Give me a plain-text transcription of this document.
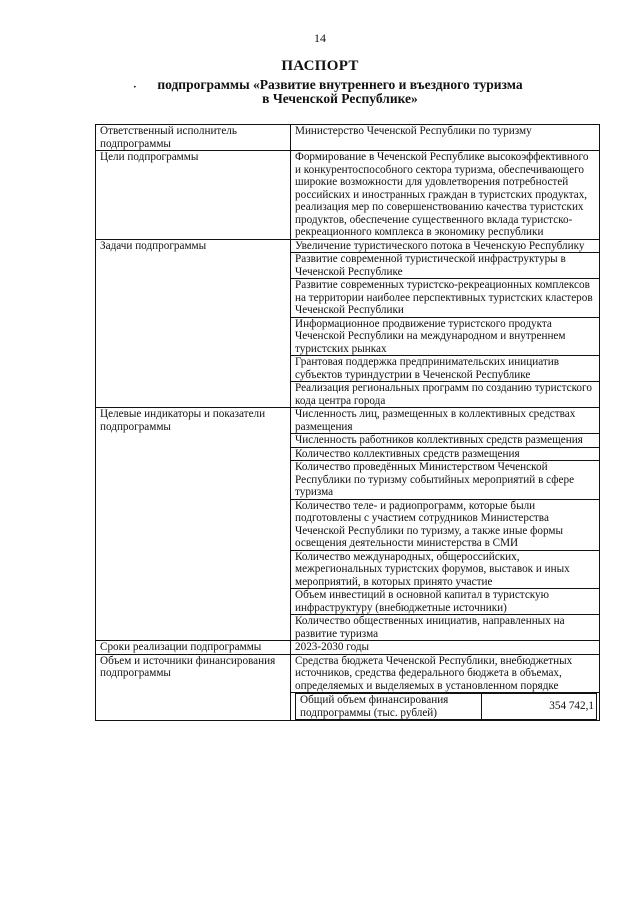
14
ПАСПОРТ
·	подпрограммы «Развитие внутреннего и въездного туризма
в Чеченской Республике»
Ответственный исполнитель подпрограммы	Министерство Чеченской Республики по туризму
Цели подпрограммы	Формирование в Чеченской Республике высокоэффективного и конкурентоспособного сектора туризма, обеспечивающего широкие возможности для удовлетворения потребностей российских и иностранных граждан в туристских продуктах, реализация мер по совершенствованию качества туристских продуктов, обеспечение существенного вклада туристско-рекреационного комплекса в экономику республики
Задачи подпрограммы	Увеличение туристического потока в Чеченскую Республику
Развитие современной туристической инфраструктуры в Чеченской Республике
Развитие современных туристско-рекреационных комплексов на территории наиболее перспективных туристских кластеров Чеченской Республики
Информационное продвижение туристского продукта Чеченской Республики на международном и внутреннем туристских рынках
Грантовая поддержка предпринимательских инициатив субъектов туриндустрии в Чеченской Республике
Реализация региональных программ по созданию туристского кода центра города
Целевые индикаторы и показатели подпрограммы	Численность лиц, размещенных в коллективных средствах размещения
Численность работников коллективных средств размещения
Количество коллективных средств размещения
Количество проведённых Министерством Чеченской Республики по туризму событийных мероприятий в сфере туризма
Количество теле- и радиопрограмм, которые были подготовлены с участием сотрудников Министерства Чеченской Республики по туризму, а также иные формы освещения деятельности министерства в СМИ
Количество международных, общероссийских, межрегиональных туристских форумов, выставок и иных мероприятий, в которых принято участие
Объем инвестиций в основной капитал в туристскую инфраструктуру (внебюджетные источники)
Количество общественных инициатив, направленных на развитие туризма
Сроки реализации подпрограммы	2023-2030 годы
Объем и источники финансирования подпрограммы	Средства бюджета Чеченской Республики, внебюджетных источников, средства федерального бюджета в объемах, определяемых и выделяемых в установленном порядке

Общий объем финансирования подпрограммы (тыс. рублей)	354 742,1
